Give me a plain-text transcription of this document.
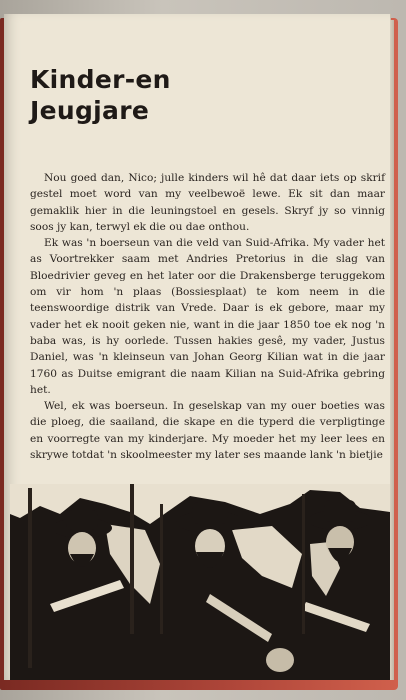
Kinder-en
Jeugjare

Nou goed dan, Nico; julle kinders wil hê dat daar iets op skrif gestel moet word van my veelbewoë lewe. Ek sit dan maar gemaklik hier in die leuningstoel en gesels. Skryf jy so vinnig soos jy kan, terwyl ek die ou dae onthou.

Ek was 'n boerseun van die veld van Suid-Afrika. My vader het as Voortrekker saam met Andries Pretorius in die slag van Bloedrivier geveg en het later oor die Drakensberge teruggekom om vir hom 'n plaas (Bossiesplaat) te kom neem in die teenswoordige distrik van Vrede. Daar is ek gebore, maar my vader het ek nooit geken nie, want in die jaar 1850 toe ek nog 'n baba was, is hy oorlede. Tussen hakies gesê, my vader, Justus Daniel, was 'n kleinseun van Johan Georg Kilian wat in die jaar 1760 as Duitse emigrant die naam Kilian na Suid-Afrika gebring het.

Wel, ek was boerseun. In geselskap van my ouer boeties was die ploeg, die saailand, die skape en die typerd die verpligtinge en voorregte van my kinderjare. My moeder het my leer lees en skrywe totdat 'n skoolmeester my later ses maande lank 'n bietjie
